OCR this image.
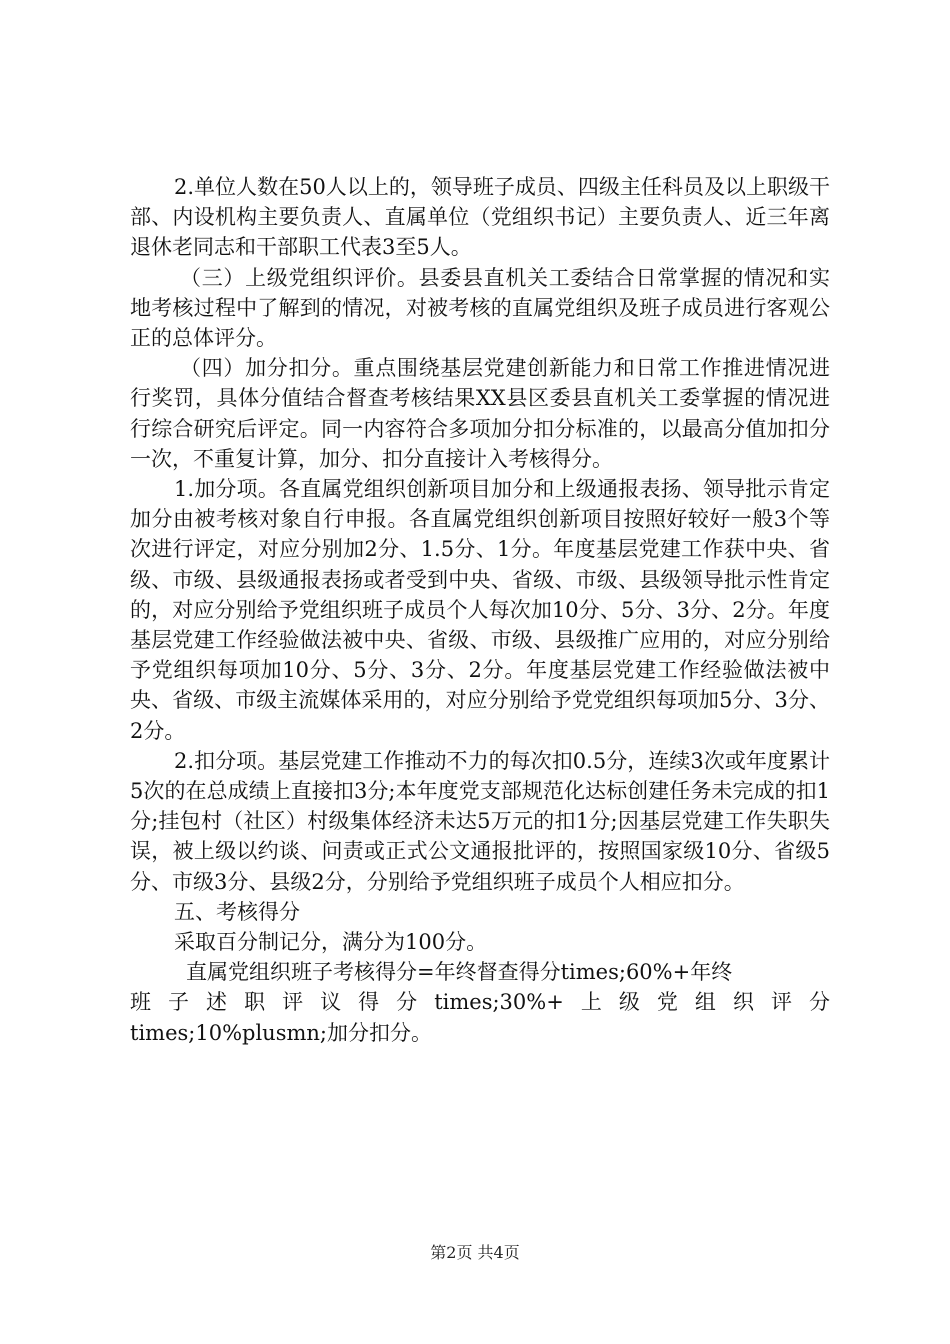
2.单位人数在50人以上的，领导班子成员、四级主任科员及以上职级干部、内设机构主要负责人、直属单位（党组织书记）主要负责人、近三年离退休老同志和干部职工代表3至5人。

（三）上级党组织评价。县委县直机关工委结合日常掌握的情况和实地考核过程中了解到的情况，对被考核的直属党组织及班子成员进行客观公正的总体评分。

（四）加分扣分。重点围绕基层党建创新能力和日常工作推进情况进行奖罚，具体分值结合督查考核结果XX县区委县直机关工委掌握的情况进行综合研究后评定。同一内容符合多项加分扣分标准的，以最高分值加扣分一次，不重复计算，加分、扣分直接计入考核得分。

1.加分项。各直属党组织创新项目加分和上级通报表扬、领导批示肯定加分由被考核对象自行申报。各直属党组织创新项目按照好较好一般3个等次进行评定，对应分别加2分、1.5分、1分。年度基层党建工作获中央、省级、市级、县级通报表扬或者受到中央、省级、市级、县级领导批示性肯定的，对应分别给予党组织班子成员个人每次加10分、5分、3分、2分。年度基层党建工作经验做法被中央、省级、市级、县级推广应用的，对应分别给予党组织每项加10分、5分、3分、2分。年度基层党建工作经验做法被中央、省级、市级主流媒体采用的，对应分别给予党党组织每项加5分、3分、2分。

2.扣分项。基层党建工作推动不力的每次扣0.5分，连续3次或年度累计5次的在总成绩上直接扣3分;本年度党支部规范化达标创建任务未完成的扣1分;挂包村（社区）村级集体经济未达5万元的扣1分;因基层党建工作失职失误，被上级以约谈、问责或正式公文通报批评的，按照国家级10分、省级5分、市级3分、县级2分，分别给予党组织班子成员个人相应扣分。

五、考核得分

采取百分制记分，满分为100分。

直属党组织班子考核得分=年终督查得分times;60%+年终

班子述职评议得分times;30%+上级党组织评分

times;10%plusmn;加分扣分。

第2页 共4页
